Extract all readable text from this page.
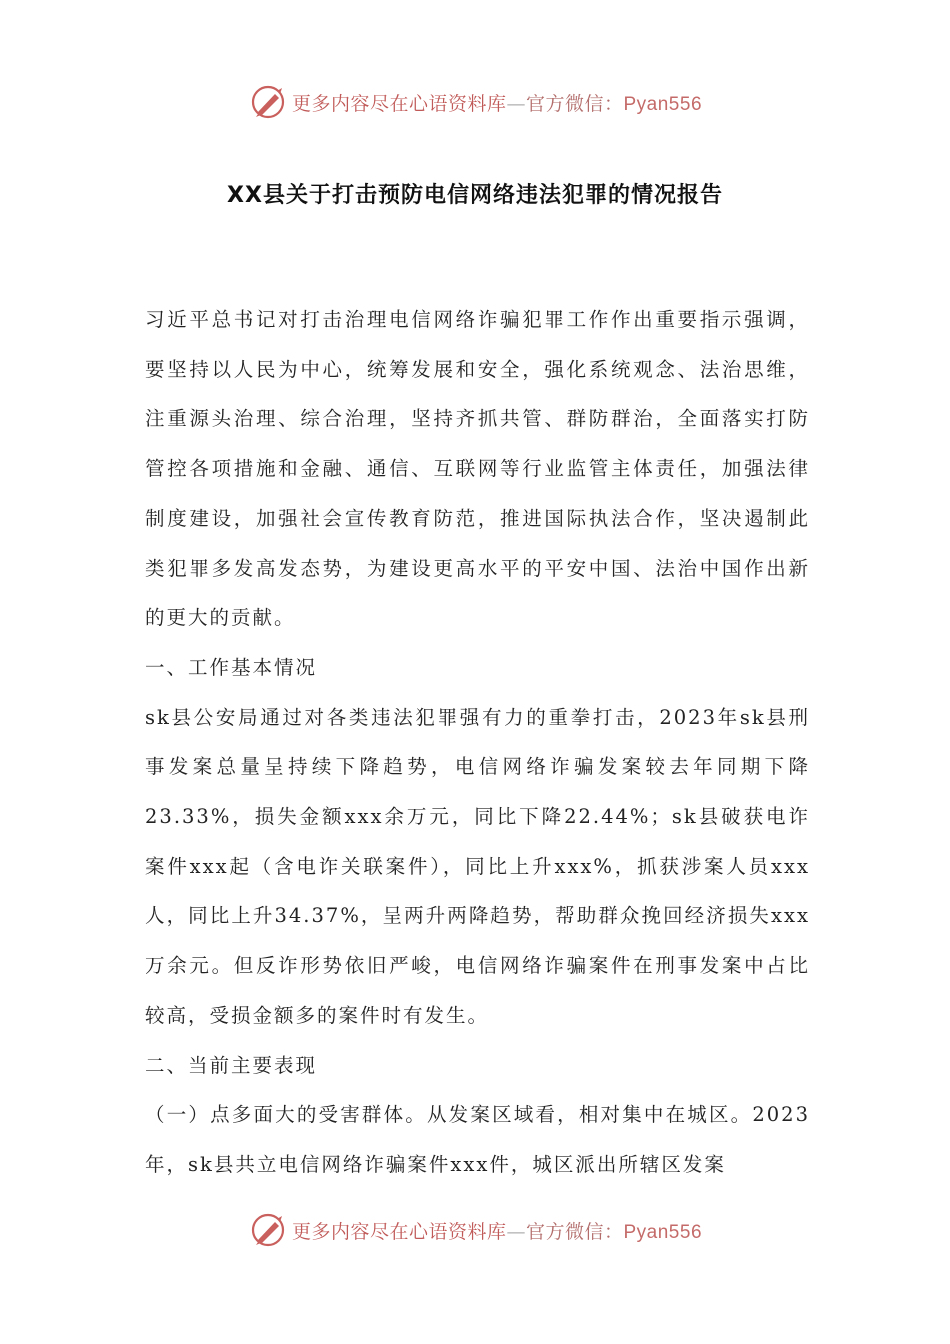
更多内容尽在心语资料库—官方微信：Pyan556
XX县关于打击预防电信网络违法犯罪的情况报告

习近平总书记对打击治理电信网络诈骗犯罪工作作出重要指示强调，要坚持以人民为中心，统筹发展和安全，强化系统观念、法治思维，注重源头治理、综合治理，坚持齐抓共管、群防群治，全面落实打防管控各项措施和金融、通信、互联网等行业监管主体责任，加强法律制度建设，加强社会宣传教育防范，推进国际执法合作，坚决遏制此类犯罪多发高发态势，为建设更高水平的平安中国、法治中国作出新的更大的贡献。

一、工作基本情况

sk县公安局通过对各类违法犯罪强有力的重拳打击，2023年sk县刑事发案总量呈持续下降趋势，电信网络诈骗发案较去年同期下降23.33%，损失金额xxx余万元，同比下降22.44%；sk县破获电诈案件xxx起（含电诈关联案件），同比上升xxx%，抓获涉案人员xxx人，同比上升34.37%，呈两升两降趋势，帮助群众挽回经济损失xxx万余元。但反诈形势依旧严峻，电信网络诈骗案件在刑事发案中占比较高，受损金额多的案件时有发生。

二、当前主要表现

（一）点多面大的受害群体。从发案区域看，相对集中在城区。2023年，sk县共立电信网络诈骗案件xxx件，城区派出所辖区发案

更多内容尽在心语资料库—官方微信：Pyan556
